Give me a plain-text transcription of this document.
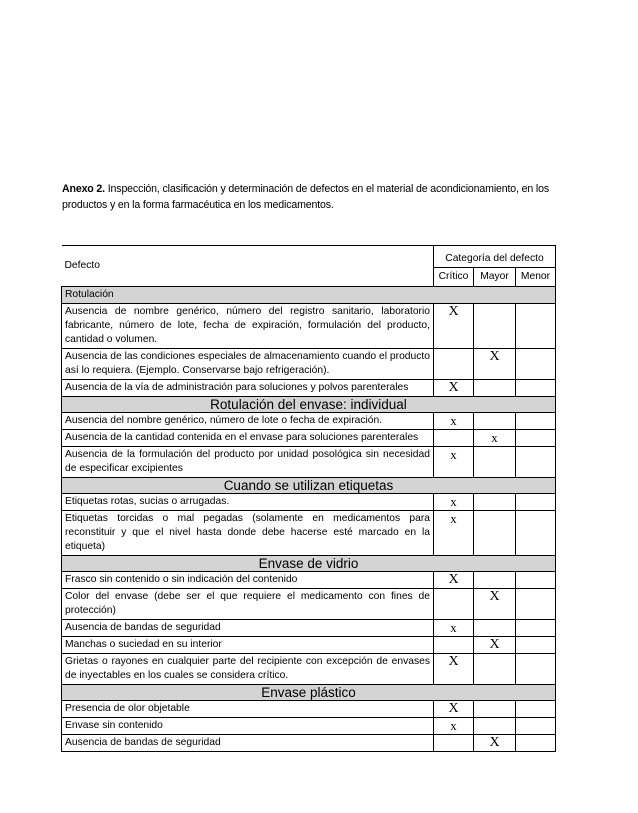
Anexo 2. Inspección, clasificación y determinación de defectos en el material de acondicionamiento, en los productos y en la forma farmacéutica en los medicamentos.
Defecto	Categoría del defecto		
	Crítico	Mayor	Menor
Rotulación			
Ausencia de nombre genérico, número del registro sanitario, laboratorio fabricante, número de lote, fecha de expiración, formulación del producto, cantidad o volumen.	X		
Ausencia de las condiciones especiales de almacenamiento cuando el producto así lo requiera. (Ejemplo. Conservarse bajo refrigeración).		X	
Ausencia de la vía de administración para soluciones y polvos parenterales	X		
Rotulación del envase: individual			
Ausencia del nombre genérico, número de lote o fecha de expiración.	x		
Ausencia de la cantidad contenida en el envase para soluciones parenterales		x	
Ausencia de la formulación del producto por unidad posológica sin necesidad de especificar excipientes	x		
Cuando se utilizan etiquetas			
Etiquetas rotas, sucias o arrugadas.	x		
Etiquetas torcidas o mal pegadas (solamente en medicamentos para reconstituir y que el nivel hasta donde debe hacerse esté marcado en la etiqueta)	x		
Envase de vidrio			
Frasco sin contenido o sin indicación del contenido	X		
Color del envase (debe ser el que requiere el medicamento con fines de protección)		X	
Ausencia de bandas de seguridad	x		
Manchas o suciedad en su interior		X	
Grietas o rayones en cualquier parte del recipiente con excepción de envases de inyectables en los cuales se considera crítico.	X		
Envase plástico			
Presencia de olor objetable	X		
Envase sin contenido	x		
Ausencia de bandas de seguridad		X	
